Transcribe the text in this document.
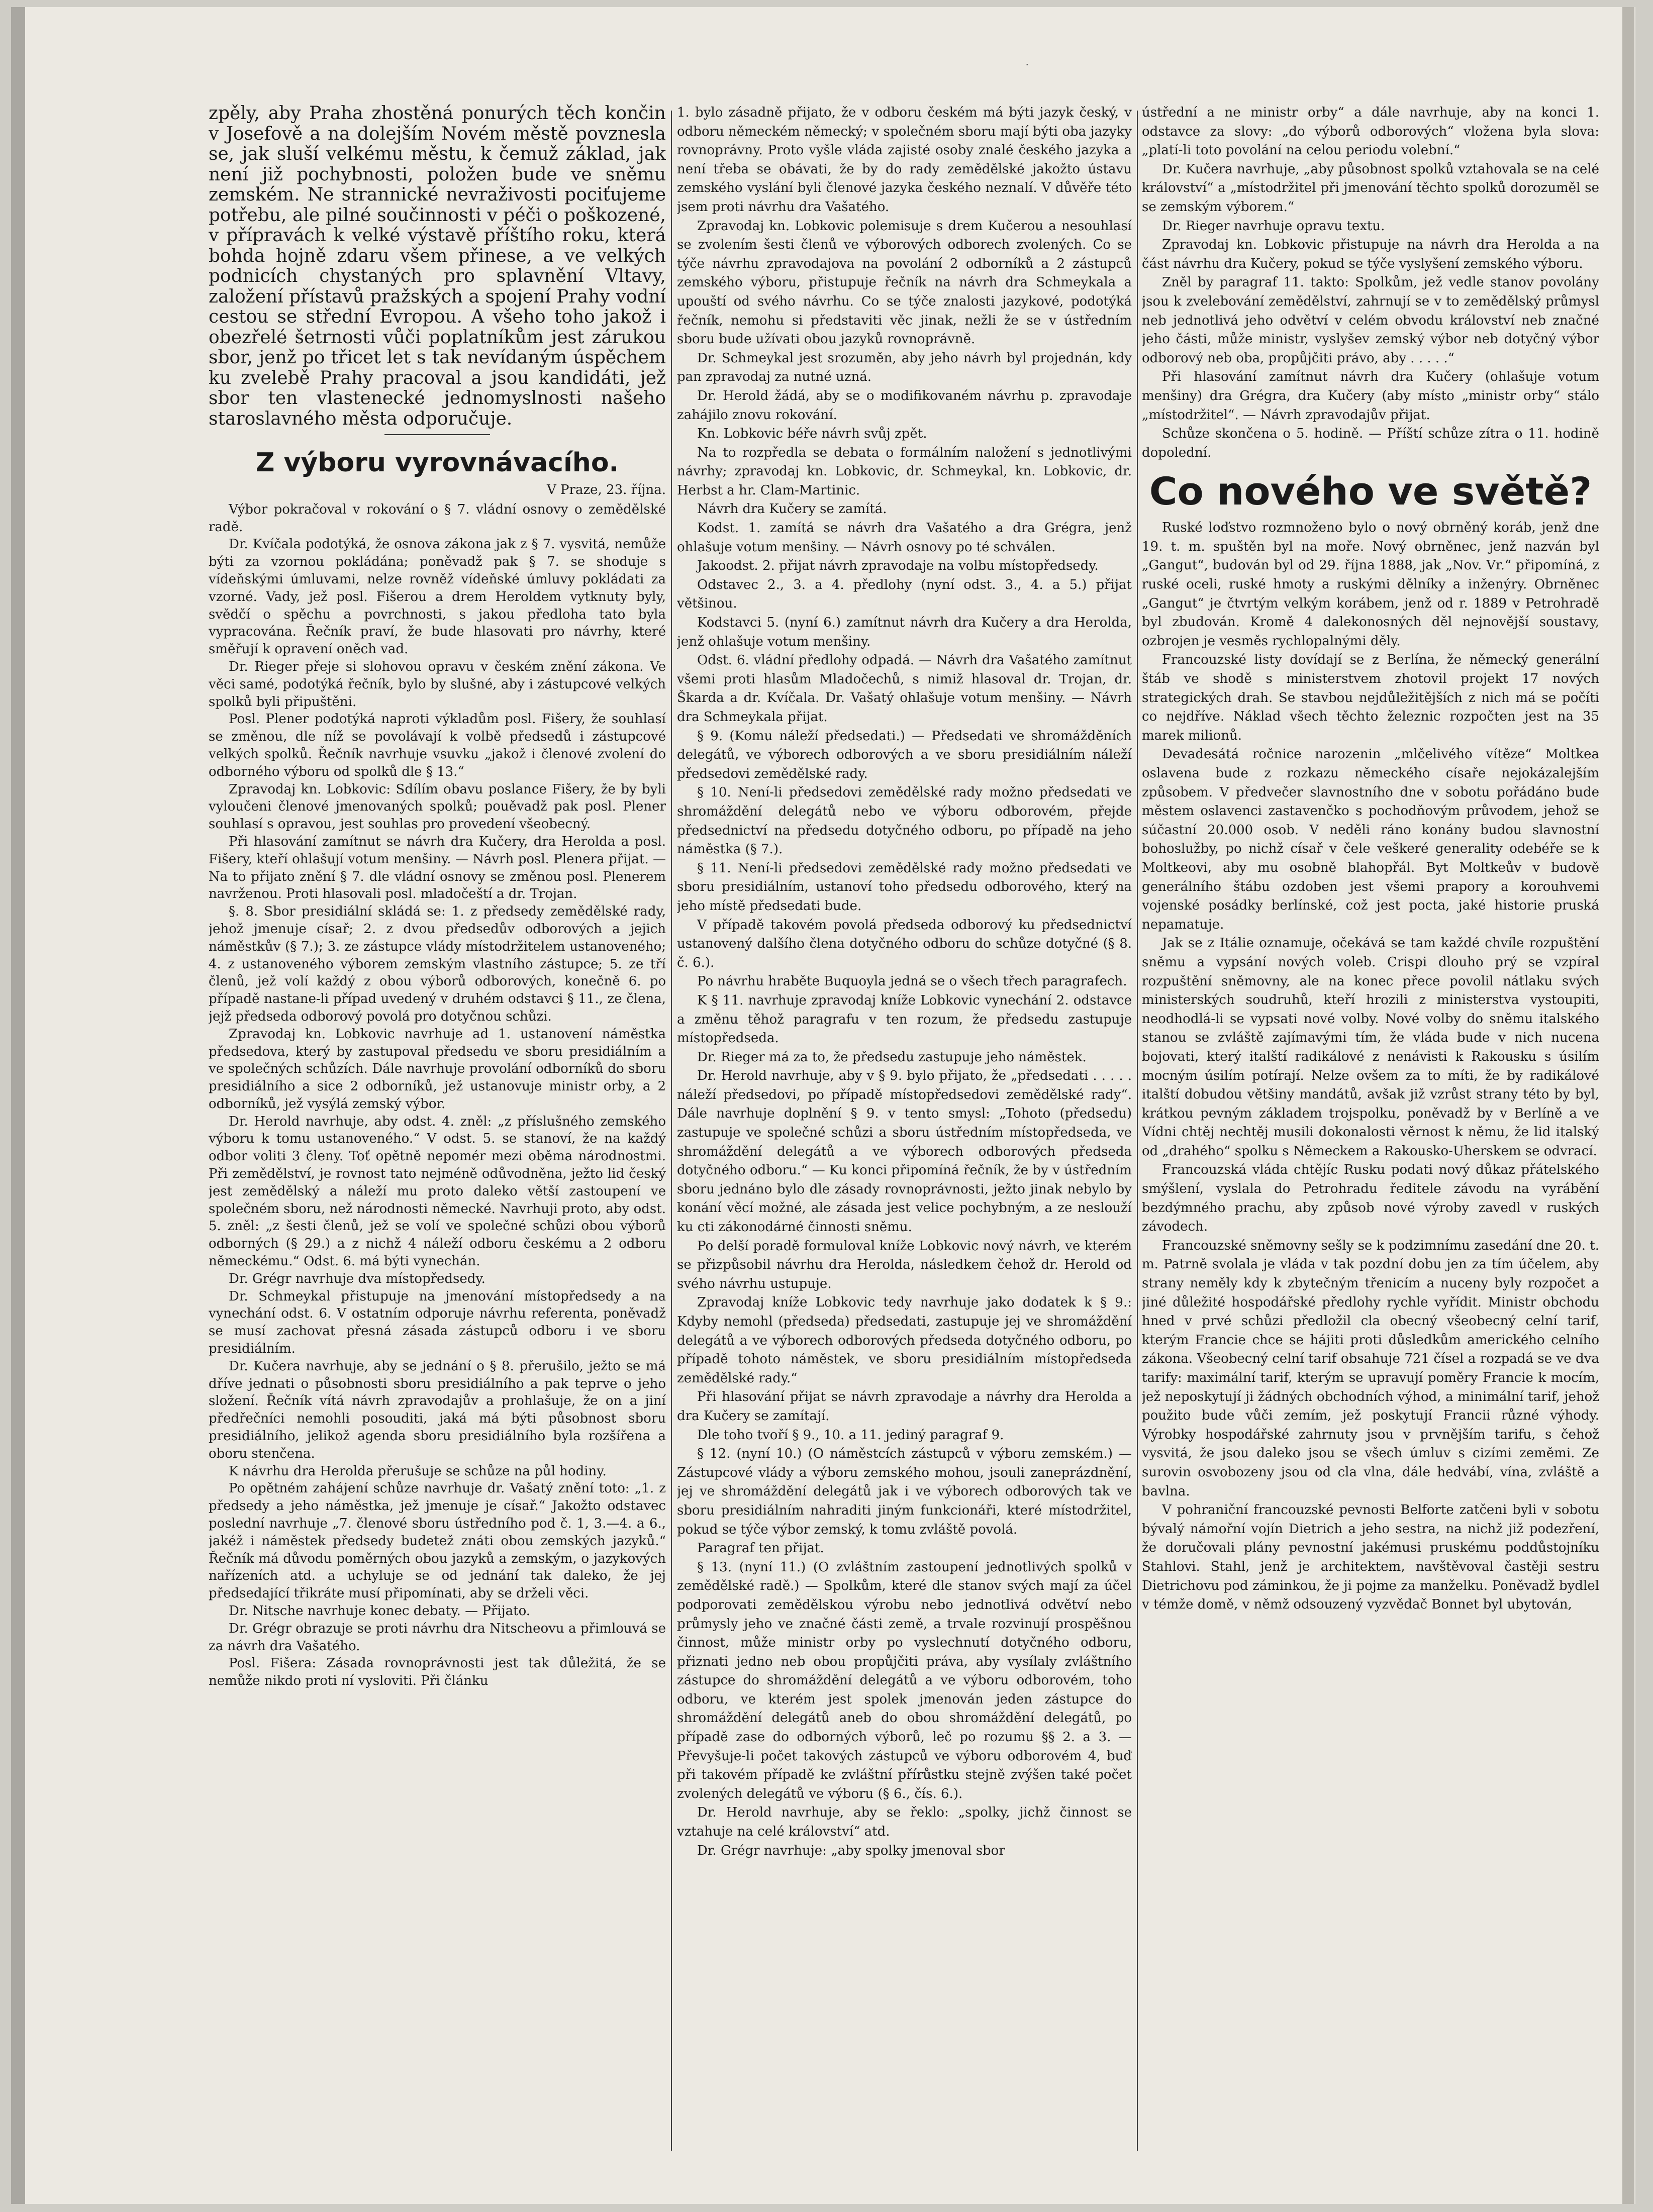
.

zpěly, aby Praha zhostěná ponurých těch končin v Josefově a na dolejším Novém městě povznesla se, jak sluší velkému městu, k čemuž základ, jak není již pochybnosti, položen bude ve sněmu zemském. Ne strannické nevraživosti pociťujeme potřebu, ale pilné součinnosti v péči o poškozené, v přípravách k velké výstavě příštího roku, která bohda hojně zdaru všem přinese, a ve velkých podnicích chystaných pro splavnění Vltavy, založení přístavů pražských a spojení Prahy vodní cestou se střední Evropou. A všeho toho jakož i obezřelé šetrnosti vůči poplatníkům jest zárukou sbor, jenž po třicet let s tak nevídaným úspěchem ku zvelebě Prahy pracoval a jsou kandidáti, jež sbor ten vlastenecké jednomyslnosti našeho staroslavného města odporučuje.

Z výboru vyrovnávacího.
V Praze, 23. října.

Výbor pokračoval v rokování o § 7. vládní osnovy o zemědělské radě.

Dr. Kvíčala podotýká, že osnova zákona jak z § 7. vysvitá, nemůže býti za vzornou pokládána; poněvadž pak § 7. se shoduje s vídeňskými úmluvami, nelze rovněž vídeňské úmluvy pokládati za vzorné. Vady, jež posl. Fišerou a drem Heroldem vytknuty byly, svědčí o spěchu a povrchnosti, s jakou předloha tato byla vypracována. Řečník praví, že bude hlasovati pro návrhy, které směřují k opravení oněch vad.

Dr. Rieger přeje si slohovou opravu v českém znění zákona. Ve věci samé, podotýká řečník, bylo by slušné, aby i zástupcové velkých spolků byli připuštěni.

Posl. Plener podotýká naproti výkladům posl. Fišery, že souhlasí se změnou, dle níž se povolávají k volbě předsedů i zástupcové velkých spolků. Řečník navrhuje vsuvku „jakož i členové zvolení do odborného výboru od spolků dle § 13.“

Zpravodaj kn. Lobkovic: Sdílím obavu poslance Fišery, že by byli vyloučeni členové jmenovaných spolků; pouěvadž pak posl. Plener souhlasí s opravou, jest souhlas pro provedení všeobecný.

Při hlasování zamítnut se návrh dra Kučery, dra Herolda a posl. Fišery, kteří ohlašují votum menšiny. — Návrh posl. Plenera přijat. — Na to přijato znění § 7. dle vládní osnovy se změnou posl. Plenerem navrženou. Proti hlasovali posl. mladočeští a dr. Trojan.

§. 8. Sbor presidiální skládá se: 1. z předsedy zemědělské rady, jehož jmenuje císař; 2. z dvou předsedův odborových a jejich náměstkův (§ 7.); 3. ze zástupce vlády místodržitelem ustanoveného; 4. z ustanoveného výborem zemským vlastního zástupce; 5. ze tří členů, jež volí každý z obou výborů odborových, konečně 6. po případě nastane-li případ uvedený v druhém odstavci § 11., ze člena, jejž předseda odborový povolá pro dotyčnou schůzi.

Zpravodaj kn. Lobkovic navrhuje ad 1. ustanovení náměstka předsedova, který by zastupoval předsedu ve sboru presidiálním a ve společných schůzích. Dále navrhuje provolání odborníků do sboru presidiálního a sice 2 odborníků, jež ustanovuje ministr orby, a 2 odborníků, jež vysýlá zemský výbor.

Dr. Herold navrhuje, aby odst. 4. zněl: „z příslušného zemského výboru k tomu ustanoveného.“ V odst. 5. se stanoví, že na každý odbor voliti 3 členy. Toť opětně nepomér mezi oběma národnostmi. Při zemědělství, je rovnost tato nejméně odůvodněna, ježto lid český jest zemědělský a náleží mu proto daleko větší zastoupení ve společném sboru, než národnosti německé. Navrhuji proto, aby odst. 5. zněl: „z šesti členů, jež se volí ve společné schůzi obou výborů odborných (§ 29.) a z nichž 4 náleží odboru českému a 2 odboru německému.“ Odst. 6. má býti vynechán.

Dr. Grégr navrhuje dva místopředsedy.

Dr. Schmeykal přistupuje na jmenování místopředsedy a na vynechání odst. 6. V ostatním odporuje návrhu referenta, poněvadž se musí zachovat přesná zásada zástupců odboru i ve sboru presidiálním.

Dr. Kučera navrhuje, aby se jednání o § 8. přerušilo, ježto se má dříve jednati o působnosti sboru presidiálního a pak teprve o jeho složení. Řečník vítá návrh zpravodajův a prohlašuje, že on a jiní předřečníci nemohli posouditi, jaká má býti působnost sboru presidiálního, jelikož agenda sboru presidiálního byla rozšířena a oboru stenčena.

K návrhu dra Herolda přerušuje se schůze na půl hodiny.

Po opětném zahájení schůze navrhuje dr. Vašatý znění toto: „1. z předsedy a jeho náměstka, jež jmenuje je císař.“ Jakožto odstavec poslední navrhuje „7. členové sboru ústředního pod č. 1, 3.—4. a 6., jakéž i náměstek předsedy budetež znáti obou zemských jazyků.“ Řečník má důvodu poměrných obou jazyků a zemským, o jazykových nařízeních atd. a uchyluje se od jednání tak daleko, že jej předsedající třikráte musí připomínati, aby se drželi věci.

Dr. Nitsche navrhuje konec debaty. — Přijato.

Dr. Grégr obrazuje se proti návrhu dra Nitscheovu a přimlouvá se za návrh dra Vašatého.

Posl. Fišera: Zásada rovnoprávnosti jest tak důležitá, že se nemůže nikdo proti ní vysloviti. Při článku

1. bylo zásadně přijato, že v odboru českém má býti jazyk český, v odboru německém německý; v společném sboru mají býti oba jazyky rovnoprávny. Proto vyšle vláda zajisté osoby znalé českého jazyka a není třeba se obávati, že by do rady zemědělské jakožto ústavu zemského vyslání byli členové jazyka českého neznalí. V důvěře této jsem proti návrhu dra Vašatého.

Zpravodaj kn. Lobkovic polemisuje s drem Kučerou a nesouhlasí se zvolením šesti členů ve výborových odborech zvolených. Co se týče návrhu zpravodajova na povolání 2 odborníků a 2 zástupců zemského výboru, přistupuje řečník na návrh dra Schmeykala a upouští od svého návrhu. Co se týče znalosti jazykové, podotýká řečník, nemohu si představiti věc jinak, nežli že se v ústředním sboru bude užívati obou jazyků rovnoprávně.

Dr. Schmeykal jest srozuměn, aby jeho návrh byl projednán, kdy pan zpravodaj za nutné uzná.

Dr. Herold žádá, aby se o modifikovaném návrhu p. zpravodaje zahájilo znovu rokování.

Kn. Lobkovic béře návrh svůj zpět.

Na to rozpředla se debata o formálním naložení s jednotlivými návrhy; zpravodaj kn. Lobkovic, dr. Schmeykal, kn. Lobkovic, dr. Herbst a hr. Clam-Martinic.

Návrh dra Kučery se zamítá.

Kodst. 1. zamítá se návrh dra Vašatého a dra Grégra, jenž ohlašuje votum menšiny. — Návrh osnovy po té schválen.

Jakoodst. 2. přijat návrh zpravodaje na volbu místopředsedy.

Odstavec 2., 3. a 4. předlohy (nyní odst. 3., 4. a 5.) přijat většinou.

Kodstavci 5. (nyní 6.) zamítnut návrh dra Kučery a dra Herolda, jenž ohlašuje votum menšiny.

Odst. 6. vládní předlohy odpadá. — Návrh dra Vašatého zamítnut všemi proti hlasům Mladočechů, s nimiž hlasoval dr. Trojan, dr. Škarda a dr. Kvíčala. Dr. Vašatý ohlašuje votum menšiny. — Návrh dra Schmeykala přijat.

§ 9. (Komu náleží předsedati.) — Předsedati ve shromážděních delegátů, ve výborech odborových a ve sboru presidiálním náleží předsedovi zemědělské rady.

§ 10. Není-li předsedovi zemědělské rady možno předsedati ve shromáždění delegátů nebo ve výboru odborovém, přejde předsednictví na předsedu dotyčného odboru, po případě na jeho náměstka (§ 7.).

§ 11. Není-li předsedovi zemědělské rady možno předsedati ve sboru presidiálním, ustanoví toho předsedu odborového, který na jeho místě předsedati bude.

V případě takovém povolá předseda odborový ku předsednictví ustanovený dalšího člena dotyčného odboru do schůze dotyčné (§ 8. č. 6.).

Po návrhu hraběte Buquoyla jedná se o všech třech paragrafech.

K § 11. navrhuje zpravodaj kníže Lobkovic vynechání 2. odstavce a změnu těhož paragrafu v ten rozum, že předsedu zastupuje místopředseda.

Dr. Rieger má za to, že předsedu zastupuje jeho náměstek.

Dr. Herold navrhuje, aby v § 9. bylo přijato, že „předsedati . . . . . náleží předsedovi, po případě místopředsedovi zemědělské rady“. Dále navrhuje doplnění § 9. v tento smysl: „Tohoto (předsedu) zastupuje ve společné schůzi a sboru ústředním místopředseda, ve shromáždění delegátů a ve výborech odborových předseda dotyčného odboru.“ — Ku konci připomíná řečník, že by v ústředním sboru jednáno bylo dle zásady rovnoprávnosti, ježto jinak nebylo by konání věcí možné, ale zásada jest velice pochybným, a ze neslouží ku cti zákonodárné činnosti sněmu.

Po delší poradě formuloval kníže Lobkovic nový návrh, ve kterém se přizpůsobil návrhu dra Herolda, následkem čehož dr. Herold od svého návrhu ustupuje.

Zpravodaj kníže Lobkovic tedy navrhuje jako dodatek k § 9.: Kdyby nemohl (předseda) předsedati, zastupuje jej ve shromáždění delegátů a ve výborech odborových předseda dotyčného odboru, po případě tohoto náměstek, ve sboru presidiálním místopředseda zemědělské rady.“

Při hlasování přijat se návrh zpravodaje a návrhy dra Herolda a dra Kučery se zamítají.

Dle toho tvoří § 9., 10. a 11. jediný paragraf 9.

§ 12. (nyní 10.) (O náměstcích zástupců v výboru zemském.) — Zástupcové vlády a výboru zemského mohou, jsouli zaneprázdnění, jej ve shromáždění delegátů jak i ve výborech odborových tak ve sboru presidiálním nahraditi jiným funkcionáři, které místodržitel, pokud se týče výbor zemský, k tomu zvláště povolá.

Paragraf ten přijat.

§ 13. (nyní 11.) (O zvláštním zastoupení jednotlivých spolků v zemědělské radě.) — Spolkům, které dle stanov svých mají za účel podporovati zemědělskou výrobu nebo jednotlivá odvětví nebo průmysly jeho ve značné části země, a trvale rozvinují prospěšnou činnost, může ministr orby po vyslechnutí dotyčného odboru, přiznati jedno neb obou propůjčiti práva, aby vysílaly zvláštního zástupce do shromáždění delegátů a ve výboru odborovém, toho odboru, ve kterém jest spolek jmenován jeden zástupce do shromáždění delegátů aneb do obou shromáždění delegátů, po případě zase do odborných výborů, leč po rozumu §§ 2. a 3. — Převyšuje-li počet takových zástupců ve výboru odborovém 4, buď při takovém případě ke zvláštní přírůstku stejně zvýšen také počet zvolených delegátů ve výboru (§ 6., čís. 6.).

Dr. Herold navrhuje, aby se řeklo: „spolky, jichž činnost se vztahuje na celé království“ atd.

Dr. Grégr navrhuje: „aby spolky jmenoval sbor

ústřední a ne ministr orby“ a dále navrhuje, aby na konci 1. odstavce za slovy: „do výborů odborových“ vložena byla slova: „platí-li toto povolání na celou periodu volební.“

Dr. Kučera navrhuje, „aby působnost spolků vztahovala se na celé království“ a „místodržitel při jmenování těchto spolků dorozuměl se se zemským výborem.“

Dr. Rieger navrhuje opravu textu.

Zpravodaj kn. Lobkovic přistupuje na návrh dra Herolda a na část návrhu dra Kučery, pokud se týče vyslyšení zemského výboru.

Zněl by paragraf 11. takto: Spolkům, jež vedle stanov povolány jsou k zvelebování zemědělství, zahrnují se v to zemědělský průmysl neb jednotlivá jeho odvětví v celém obvodu království neb značné jeho části, může ministr, vyslyšev zemský výbor neb dotyčný výbor odborový neb oba, propůjčiti právo, aby . . . . .“

Při hlasování zamítnut návrh dra Kučery (ohlašuje votum menšiny) dra Grégra, dra Kučery (aby místo „ministr orby“ stálo „místodržitel“. — Návrh zpravodajův přijat.

Schůze skončena o 5. hodině. — Příští schůze zítra o 11. hodině dopolední.

Co nového ve světě?

Ruské loďstvo rozmnoženo bylo o nový obrněný koráb, jenž dne 19. t. m. spuštěn byl na moře. Nový obrněnec, jenž nazván byl „Gangut“, budován byl od 29. října 1888, jak „Nov. Vr.“ připomíná, z ruské oceli, ruské hmoty a ruskými dělníky a inženýry. Obrněnec „Gangut“ je čtvrtým velkým korábem, jenž od r. 1889 v Petrohradě byl zbudován. Kromě 4 dalekonosných děl nejnovější soustavy, ozbrojen je vesměs rychlopalnými děly.

Francouzské listy dovídají se z Berlína, že německý generální štáb ve shodě s ministerstvem zhotovil projekt 17 nových strategických drah. Se stavbou nejdůležitějších z nich má se počíti co nejdříve. Náklad všech těchto železnic rozpočten jest na 35 marek milionů.

Devadesátá ročnice narozenin „mlčelivého vítěze“ Moltkea oslavena bude z rozkazu německého císaře nejokázalejším způsobem. V předvečer slavnostního dne v sobotu pořádáno bude městem oslavenci zastavenčko s pochodňovým průvodem, jehož se súčastní 20.000 osob. V neděli ráno konány budou slavnostní bohoslužby, po nichž císař v čele veškeré generality odebéře se k Moltkeovi, aby mu osobně blahopřál. Byt Moltkeův v budově generálního štábu ozdoben jest všemi prapory a korouhvemi vojenské posádky berlínské, což jest pocta, jaké historie pruská nepamatuje.

Jak se z Itálie oznamuje, očekává se tam každé chvíle rozpuštění sněmu a vypsání nových voleb. Crispi dlouho prý se vzpíral rozpuštění sněmovny, ale na konec přece povolil nátlaku svých ministerských soudruhů, kteří hrozili z ministerstva vystoupiti, neodhodlá-li se vypsati nové volby. Nové volby do sněmu italského stanou se zvláště zajímavými tím, že vláda bude v nich nucena bojovati, který italští radikálové z nenávisti k Rakousku s úsilím mocným úsilím potírají. Nelze ovšem za to míti, že by radikálové italští dobudou většiny mandátů, avšak již vzrůst strany této by byl, krátkou pevným základem trojspolku, poněvadž by v Berlíně a ve Vídni chtěj nechtěj musili dokonalosti věrnost k němu, že lid italský od „drahého“ spolku s Německem a Rakousko-Uherskem se odvrací.

Francouzská vláda chtějíc Rusku podati nový důkaz přátelského smýšlení, vyslala do Petrohradu ředitele závodu na vyrábění bezdýmného prachu, aby způsob nové výroby zavedl v ruských závodech.

Francouzské sněmovny sešly se k podzimnímu zasedání dne 20. t. m. Patrně svolala je vláda v tak pozdní dobu jen za tím účelem, aby strany neměly kdy k zbytečným třenicím a nuceny byly rozpočet a jiné důležité hospodářské předlohy rychle vyřídit. Ministr obchodu hned v prvé schůzi předložil cla obecný všeobecný celní tarif, kterým Francie chce se hájiti proti důsledkům amerického celního zákona. Všeobecný celní tarif obsahuje 721 čísel a rozpadá se ve dva tarify: maximální tarif, kterým se upravují poměry Francie k mocím, jež neposkytují ji žádných obchodních výhod, a minimální tarif, jehož použito bude vůči zemím, jež poskytují Francii různé výhody. Výrobky hospodářské zahrnuty jsou v prvnějším tarifu, s čehož vysvitá, že jsou daleko jsou se všech úmluv s cizími zeměmi. Ze surovin osvobozeny jsou od cla vlna, dále hedvábí, vína, zvláště a bavlna.

V pohraniční francouzské pevnosti Belforte zatčeni byli v sobotu bývalý námořní vojín Dietrich a jeho sestra, na nichž již podezření, že doručovali plány pevnostní jakémusi pruskému poddůstojníku Stahlovi. Stahl, jenž je architektem, navštěvoval častěji sestru Dietrichovu pod záminkou, že ji pojme za manželku. Poněvadž bydlel v témže domě, v němž odsouzený vyzvědač Bonnet byl ubytován,
